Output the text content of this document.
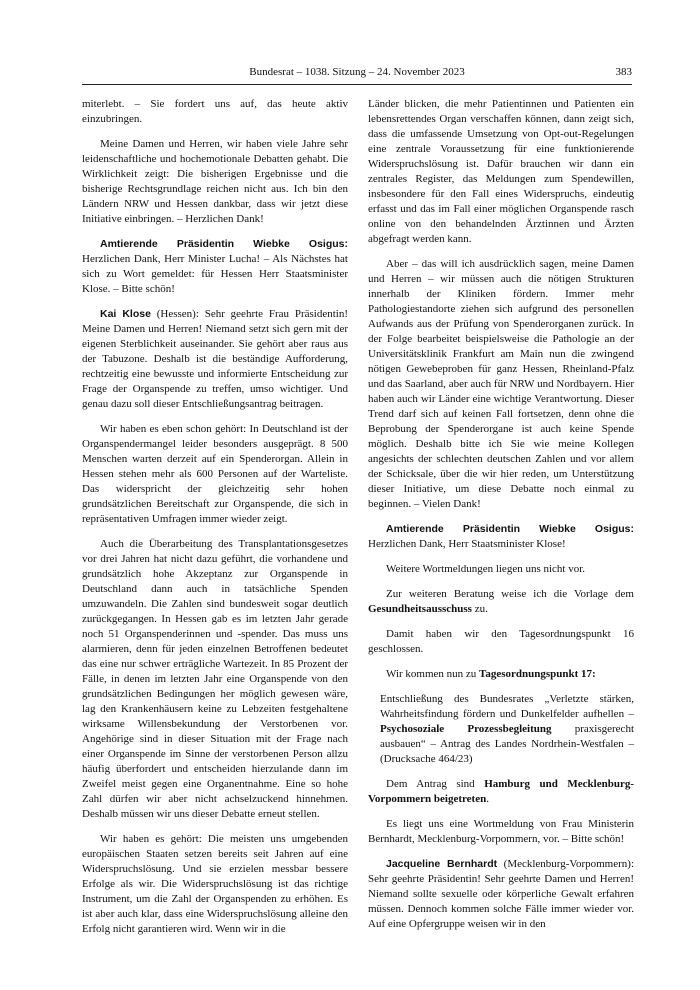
Bundesrat – 1038. Sitzung – 24. November 2023	383

miterlebt. – Sie fordert uns auf, das heute aktiv einzubringen.

Meine Damen und Herren, wir haben viele Jahre sehr leidenschaftliche und hochemotionale Debatten gehabt. Die Wirklichkeit zeigt: Die bisherigen Ergebnisse und die bisherige Rechtsgrundlage reichen nicht aus. Ich bin den Ländern NRW und Hessen dankbar, dass wir jetzt diese Initiative einbringen. – Herzlichen Dank!

Amtierende Präsidentin Wiebke Osigus: Herzlichen Dank, Herr Minister Lucha! – Als Nächstes hat sich zu Wort gemeldet: für Hessen Herr Staatsminister Klose. – Bitte schön!

Kai Klose (Hessen): Sehr geehrte Frau Präsidentin! Meine Damen und Herren! Niemand setzt sich gern mit der eigenen Sterblichkeit auseinander. Sie gehört aber raus aus der Tabuzone. Deshalb ist die beständige Aufforderung, rechtzeitig eine bewusste und informierte Entscheidung zur Frage der Organspende zu treffen, umso wichtiger. Und genau dazu soll dieser Entschließungsantrag beitragen.

Wir haben es eben schon gehört: In Deutschland ist der Organspendermangel leider besonders ausgeprägt. 8 500 Menschen warten derzeit auf ein Spenderorgan. Allein in Hessen stehen mehr als 600 Personen auf der Warteliste. Das widerspricht der gleichzeitig sehr hohen grundsätzlichen Bereitschaft zur Organspende, die sich in repräsentativen Umfragen immer wieder zeigt.

Auch die Überarbeitung des Transplantationsgesetzes vor drei Jahren hat nicht dazu geführt, die vorhandene und grundsätzlich hohe Akzeptanz zur Organspende in Deutschland dann auch in tatsächliche Spenden umzuwandeln. Die Zahlen sind bundesweit sogar deutlich zurückgegangen. In Hessen gab es im letzten Jahr gerade noch 51 Organspenderinnen und -spender. Das muss uns alarmieren, denn für jeden einzelnen Betroffenen bedeutet das eine nur schwer erträgliche Wartezeit. In 85 Prozent der Fälle, in denen im letzten Jahr eine Organspende von den grundsätzlichen Bedingungen her möglich gewesen wäre, lag den Krankenhäusern keine zu Lebzeiten festgehaltene wirksame Willensbekundung der Verstorbenen vor. Angehörige sind in dieser Situation mit der Frage nach einer Organspende im Sinne der verstorbenen Person allzu häufig überfordert und entscheiden hierzulande dann im Zweifel meist gegen eine Organentnahme. Eine so hohe Zahl dürfen wir aber nicht achselzuckend hinnehmen. Deshalb müssen wir uns dieser Debatte erneut stellen.

Wir haben es gehört: Die meisten uns umgebenden europäischen Staaten setzen bereits seit Jahren auf eine Widerspruchslösung. Und sie erzielen messbar bessere Erfolge als wir. Die Widerspruchslösung ist das richtige Instrument, um die Zahl der Organspenden zu erhöhen. Es ist aber auch klar, dass eine Widerspruchslösung alleine den Erfolg nicht garantieren wird. Wenn wir in die

Länder blicken, die mehr Patientinnen und Patienten ein lebensrettendes Organ verschaffen können, dann zeigt sich, dass die umfassende Umsetzung von Opt-out-Regelungen eine zentrale Voraussetzung für eine funktionierende Widerspruchslösung ist. Dafür brauchen wir dann ein zentrales Register, das Meldungen zum Spendewillen, insbesondere für den Fall eines Widerspruchs, eindeutig erfasst und das im Fall einer möglichen Organspende rasch online von den behandelnden Ärztinnen und Ärzten abgefragt werden kann.

Aber – das will ich ausdrücklich sagen, meine Damen und Herren – wir müssen auch die nötigen Strukturen innerhalb der Kliniken fördern. Immer mehr Pathologiestandorte ziehen sich aufgrund des personellen Aufwands aus der Prüfung von Spenderorganen zurück. In der Folge bearbeitet beispielsweise die Pathologie an der Universitätsklinik Frankfurt am Main nun die zwingend nötigen Gewebeproben für ganz Hessen, Rheinland-Pfalz und das Saarland, aber auch für NRW und Nordbayern. Hier haben auch wir Länder eine wichtige Verantwortung. Dieser Trend darf sich auf keinen Fall fortsetzen, denn ohne die Beprobung der Spenderorgane ist auch keine Spende möglich. Deshalb bitte ich Sie wie meine Kollegen angesichts der schlechten deutschen Zahlen und vor allem der Schicksale, über die wir hier reden, um Unterstützung dieser Initiative, um diese Debatte noch einmal zu beginnen. – Vielen Dank!

Amtierende Präsidentin Wiebke Osigus: Herzlichen Dank, Herr Staatsminister Klose!

Weitere Wortmeldungen liegen uns nicht vor.

Zur weiteren Beratung weise ich die Vorlage dem Gesundheitsausschuss zu.

Damit haben wir den Tagesordnungspunkt 16 geschlossen.

Wir kommen nun zu Tagesordnungspunkt 17:

Entschließung des Bundesrates „Verletzte stärken, Wahrheitsfindung fördern und Dunkelfelder aufhellen – Psychosoziale Prozessbegleitung praxisgerecht ausbauen“ – Antrag des Landes Nordrhein-Westfalen – (Drucksache 464/23)

Dem Antrag sind Hamburg und Mecklenburg-Vorpommern beigetreten.

Es liegt uns eine Wortmeldung von Frau Ministerin Bernhardt, Mecklenburg-Vorpommern, vor. – Bitte schön!

Jacqueline Bernhardt (Mecklenburg-Vorpommern): Sehr geehrte Präsidentin! Sehr geehrte Damen und Herren! Niemand sollte sexuelle oder körperliche Gewalt erfahren müssen. Dennoch kommen solche Fälle immer wieder vor. Auf eine Opfergruppe weisen wir in den
